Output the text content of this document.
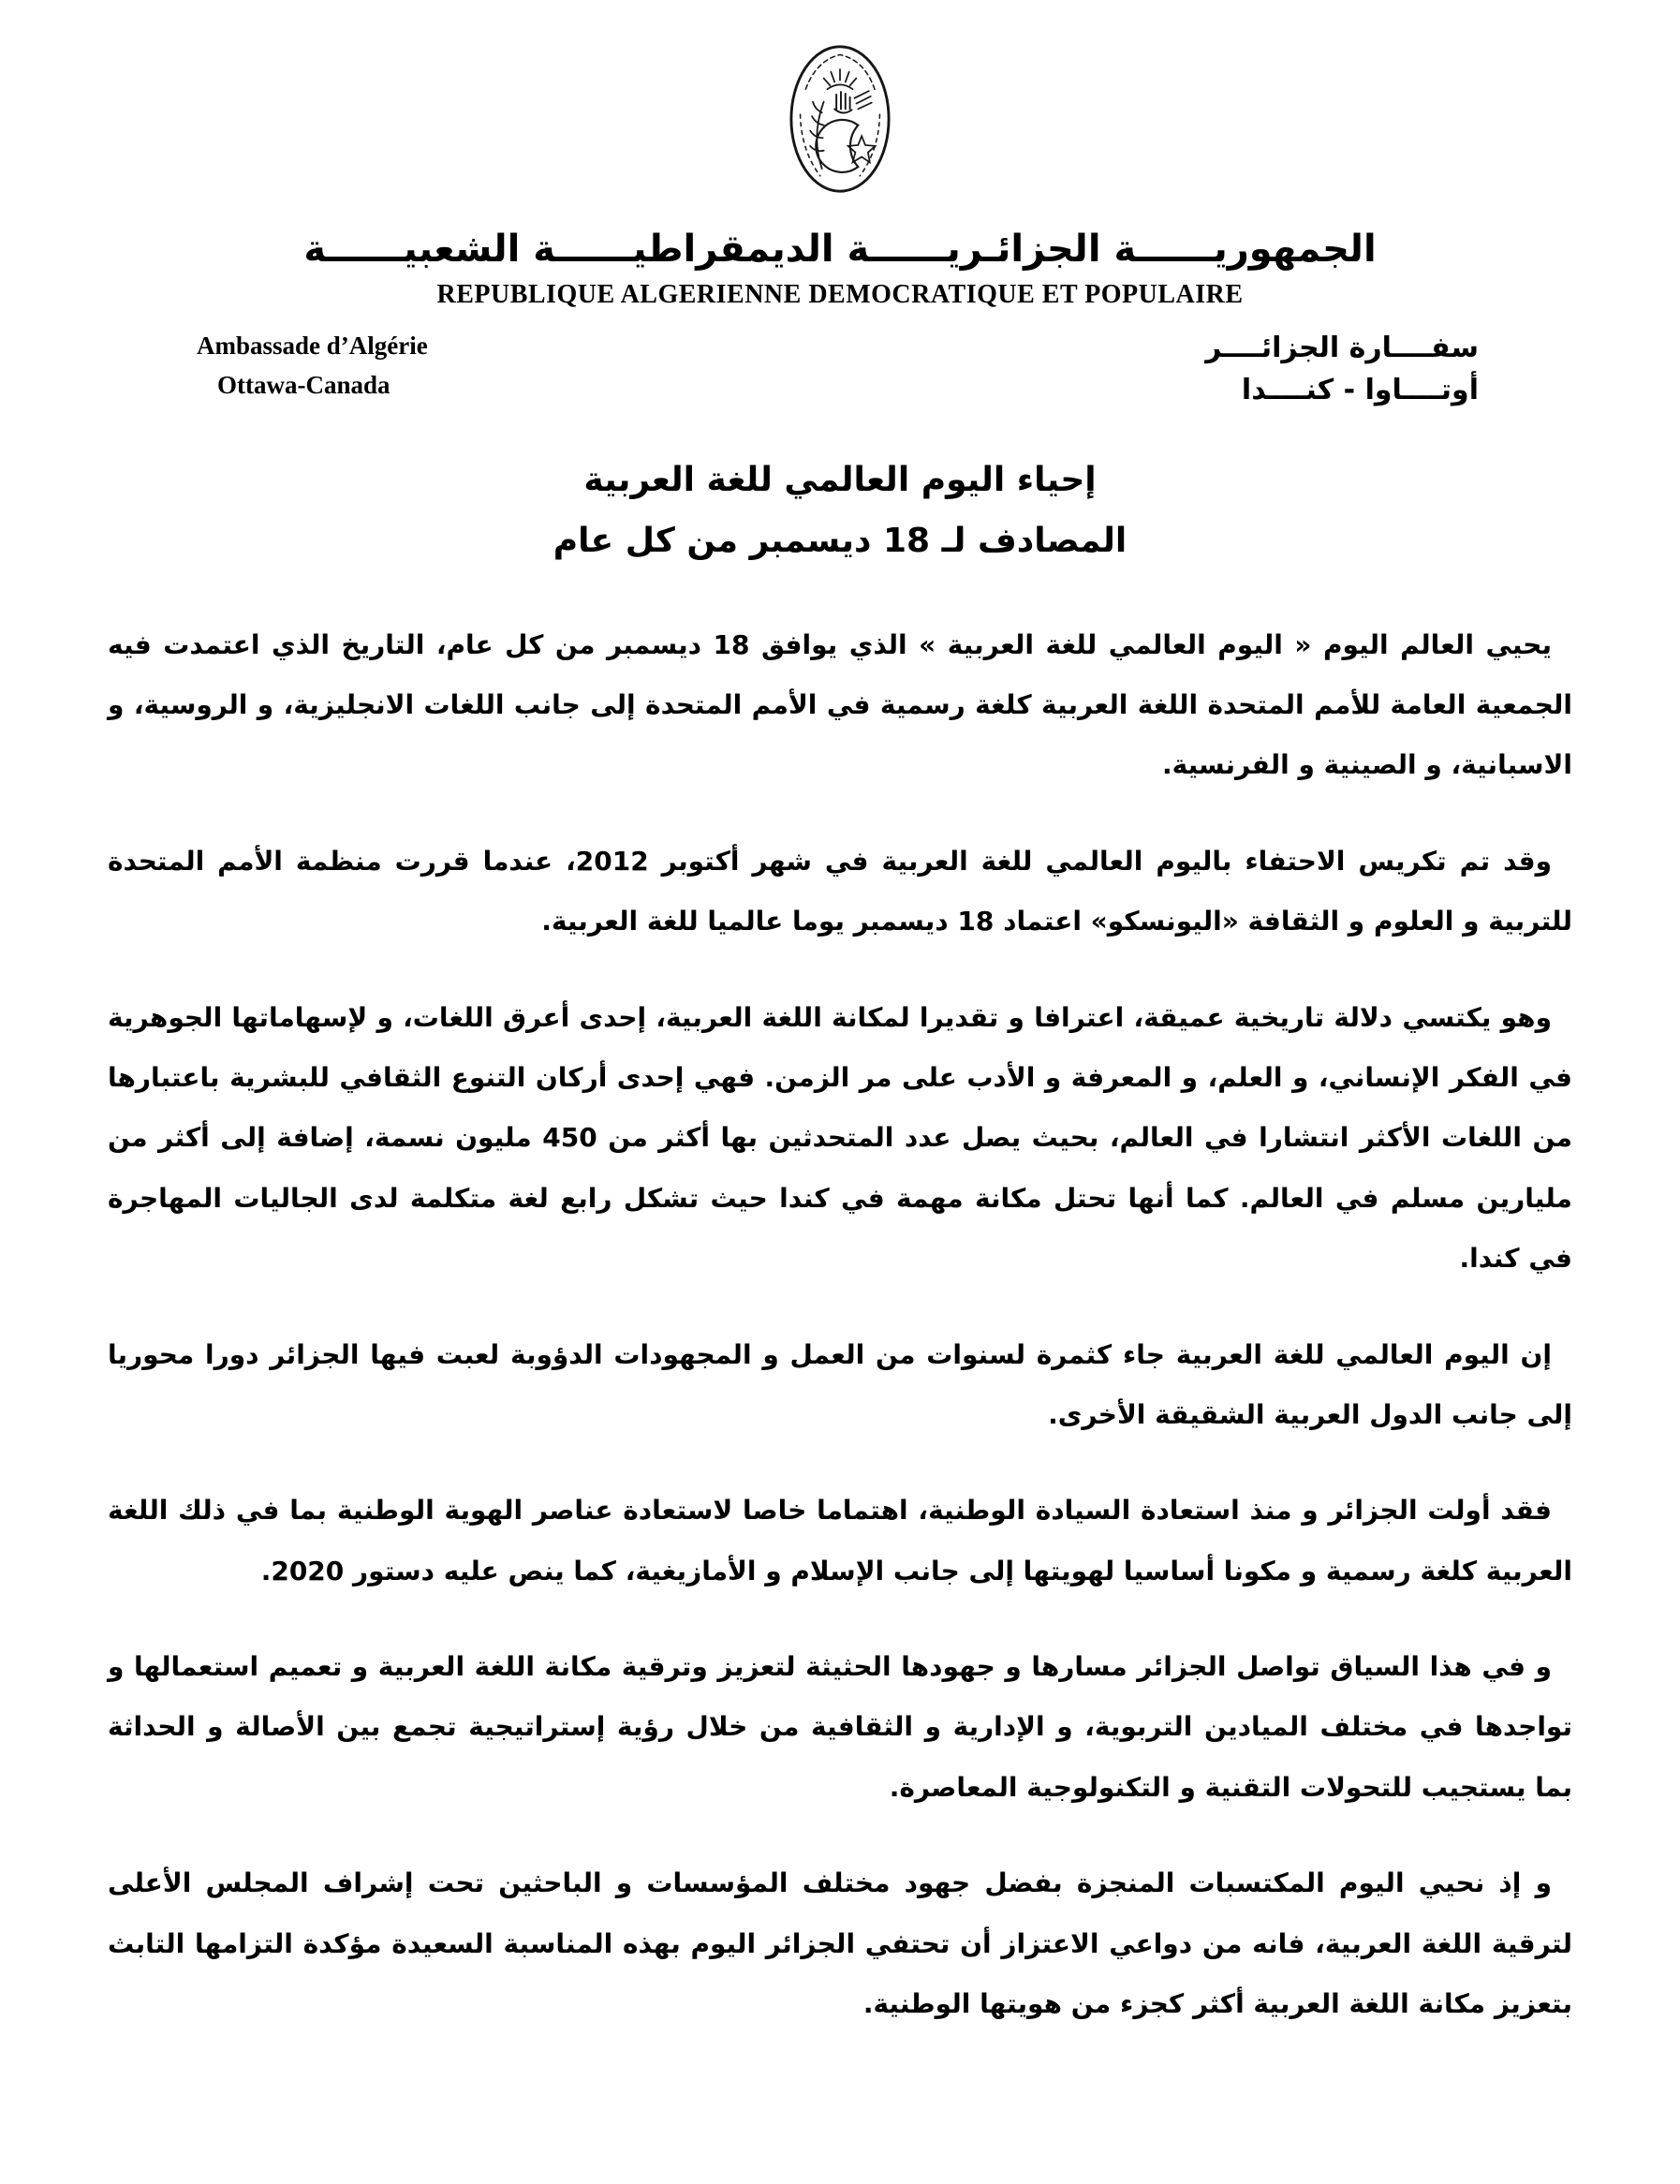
الجمهوريــــــة الجزائـريــــــة الديمقراطيــــــة الشعبيــــــة
REPUBLIQUE ALGERIENNE DEMOCRATIQUE ET POPULAIRE
Ambassade d’Algérie
Ottawa-Canada
سفــــارة الجزائــــر
أوتــــاوا - كنــــدا
إحياء اليوم العالمي للغة العربية
المصادف لـ 18 ديسمبر من كل عام

يحيي العالم اليوم « اليوم العالمي للغة العربية » الذي يوافق 18 ديسمبر من كل عام، التاريخ الذي اعتمدت فيه الجمعية العامة للأمم المتحدة اللغة العربية كلغة رسمية في الأمم المتحدة إلى جانب اللغات الانجليزية، و الروسية، و الاسبانية، و الصينية و الفرنسية.

وقد تم تكريس الاحتفاء باليوم العالمي للغة العربية في شهر أكتوبر 2012، عندما قررت منظمة الأمم المتحدة للتربية و العلوم و الثقافة «اليونسكو» اعتماد 18 ديسمبر يوما عالميا للغة العربية.

وهو يكتسي دلالة تاريخية عميقة، اعترافا و تقديرا لمكانة اللغة العربية، إحدى أعرق اللغات، و لإسهاماتها الجوهرية في الفكر الإنساني، و العلم، و المعرفة و الأدب على مر الزمن. فهي إحدى أركان التنوع الثقافي للبشرية باعتبارها من اللغات الأكثر انتشارا في العالم، بحيث يصل عدد المتحدثين بها أكثر من 450 مليون نسمة، إضافة إلى أكثر من مليارين مسلم في العالم. كما أنها تحتل مكانة مهمة في كندا حيث تشكل رابع لغة متكلمة لدى الجاليات المهاجرة في كندا.

إن اليوم العالمي للغة العربية جاء كثمرة لسنوات من العمل و المجهودات الدؤوبة لعبت فيها الجزائر دورا محوريا إلى جانب الدول العربية الشقيقة الأخرى.

فقد أولت الجزائر و منذ استعادة السيادة الوطنية، اهتماما خاصا لاستعادة عناصر الهوية الوطنية بما في ذلك اللغة العربية كلغة رسمية و مكونا أساسيا لهويتها إلى جانب الإسلام و الأمازيغية، كما ينص عليه دستور 2020.

و في هذا السياق تواصل الجزائر مسارها و جهودها الحثيثة لتعزيز وترقية مكانة اللغة العربية و تعميم استعمالها و تواجدها في مختلف الميادين التربوية، و الإدارية و الثقافية من خلال رؤية إستراتيجية تجمع بين الأصالة و الحداثة بما يستجيب للتحولات التقنية و التكنولوجية المعاصرة.

و إذ نحيي اليوم المكتسبات المنجزة بفضل جهود مختلف المؤسسات و الباحثين تحت إشراف المجلس الأعلى لترقية اللغة العربية، فانه من دواعي الاعتزاز أن تحتفي الجزائر اليوم بهذه المناسبة السعيدة مؤكدة التزامها التابث بتعزيز مكانة اللغة العربية أكثر كجزء من هويتها الوطنية.
